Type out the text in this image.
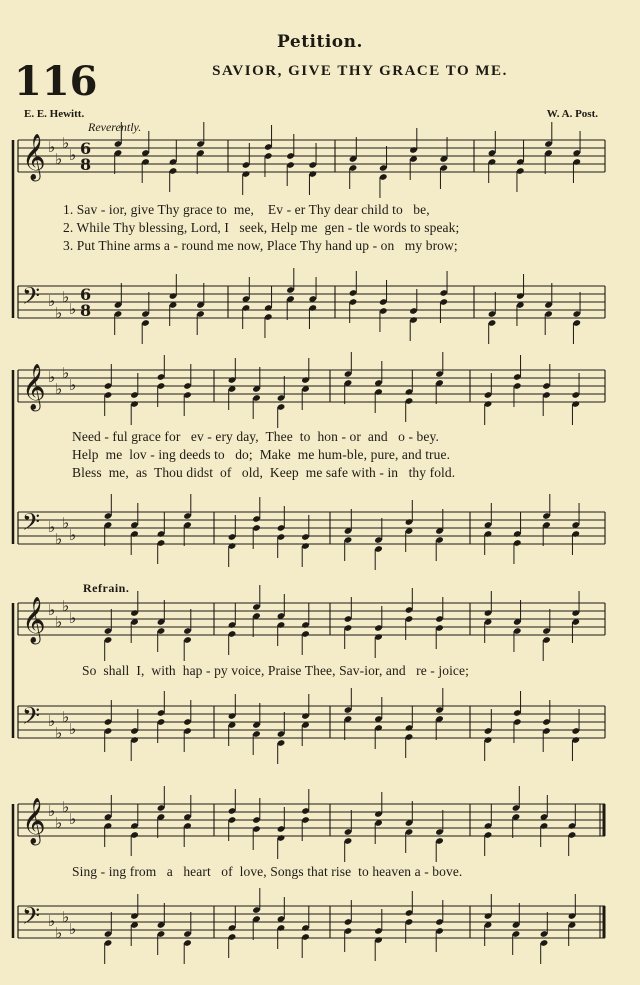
Petition.
116	SAVIOR, GIVE THY GRACE TO ME.
E. E. Hewitt.	W. A. Post.
Reverently.
Refrain.
𝄞 ♭
♭
♭
♭ 6
8
𝄢 ♭
♭
♭
♭
6
8
𝄞 ♭
♭
♭
♭
𝄢 ♭
♭
♭
♭
𝄞 ♭
♭
♭
♭
𝄢 ♭
♭
♭
♭
𝄞 ♭
♭
♭
♭
𝄢 ♭
♭
♭
♭
1. Sav - ior, give Thy grace to  me,    Ev - er Thy dear child to   be,
2. While Thy blessing, Lord, I   seek, Help me  gen - tle words to speak;
3. Put Thine arms a - round me now, Place Thy hand up - on   my brow;
Need - ful grace for   ev - ery day,  Thee  to  hon - or  and   o - bey.
Help  me  lov - ing deeds to   do;  Make  me hum-ble, pure, and true.
Bless  me,  as  Thou didst  of   old,  Keep  me safe with - in   thy fold.
So  shall  I,  with  hap - py voice, Praise Thee, Sav-ior, and   re - joice;
Sing - ing from   a   heart   of  love, Songs that rise  to heaven a - bove.
